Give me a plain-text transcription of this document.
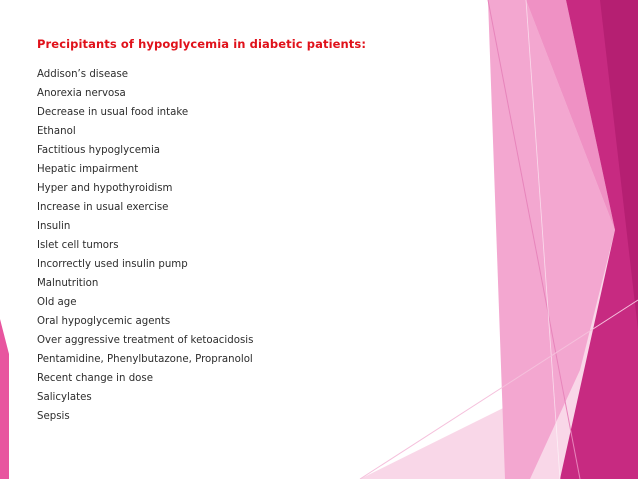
Precipitants of hypoglycemia in diabetic patients:
Addison’s disease
Anorexia nervosa
Decrease in usual food intake
Ethanol
Factitious hypoglycemia
Hepatic impairment
Hyper and hypothyroidism
Increase in usual exercise
Insulin
Islet cell tumors
Incorrectly used insulin pump
Malnutrition
Old age
Oral hypoglycemic agents
Over aggressive treatment of ketoacidosis
Pentamidine, Phenylbutazone, Propranolol
Recent change in dose
Salicylates
Sepsis
